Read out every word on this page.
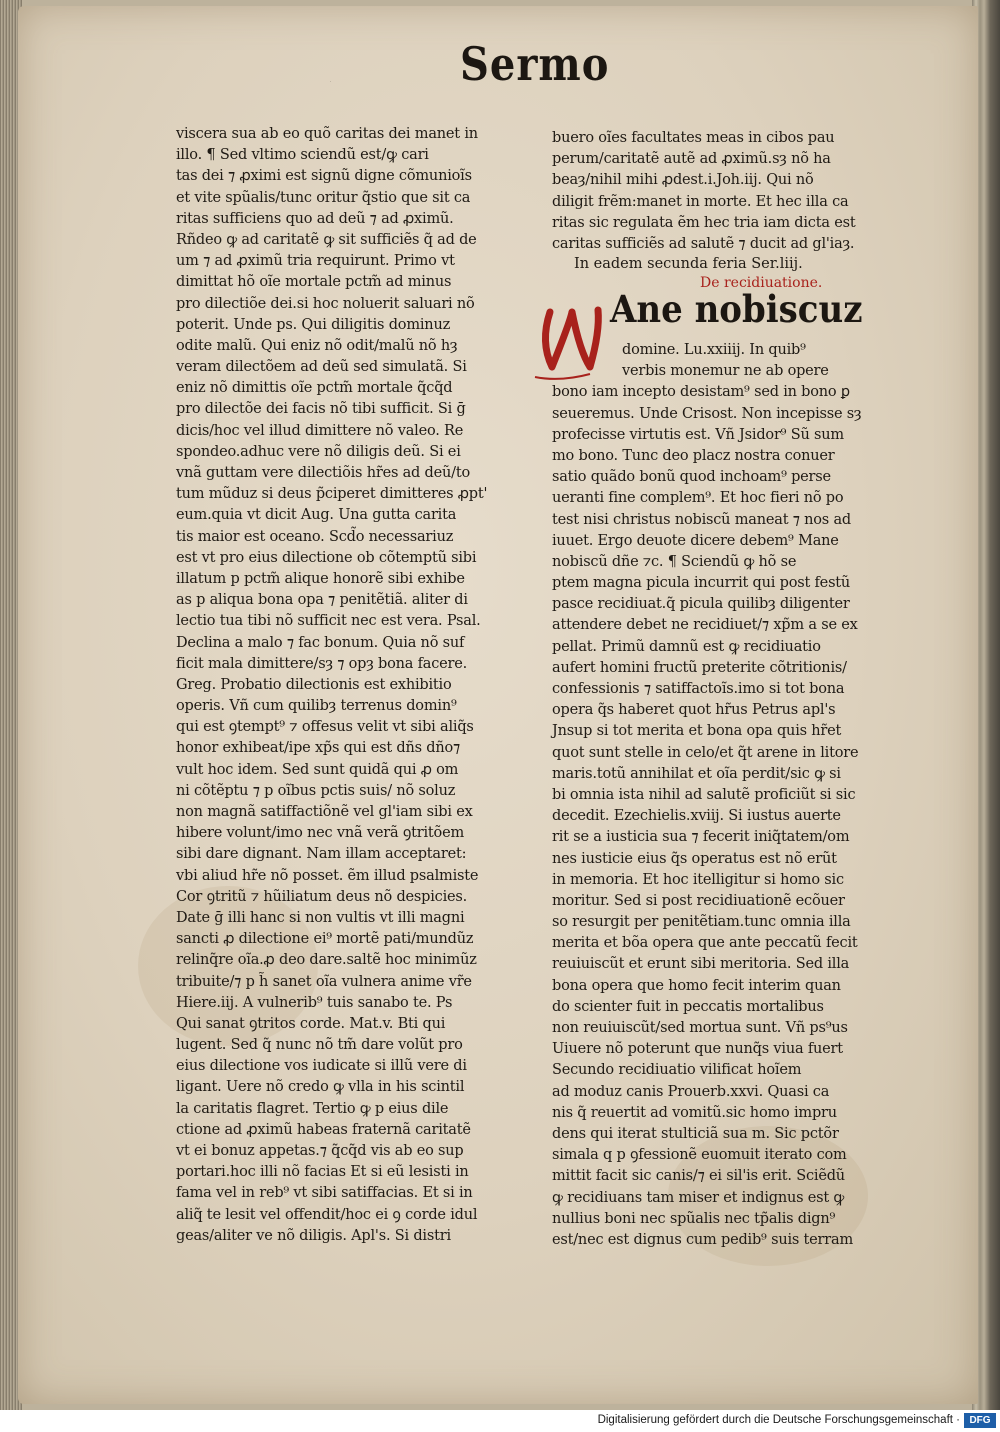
Sermo
viscera sua ab eo quõ caritas dei manet in
illo. ¶ Sed vltimo sciendũ est/ꝙ cari
tas dei ⁊ ꝓximi est signũ digne cõmunioĩs
et vite spũalis/tunc oritur q̃stio que sit ca
ritas sufficiens quo ad deũ ⁊ ad ꝓximũ.
Rñdeo ꝙ ad caritatẽ ꝙ sit sufficiẽs q̃ ad de
um ⁊ ad ꝓximũ tria requirunt. Primo vt
dimittat hõ oĩe mortale pctm̃ ad minus
pro dilectiõe dei.si hoc noluerit saluari nõ
poterit. Unde ps. Qui diligitis dominuz
odite malũ. Qui eniz nõ odit/malũ nõ hȝ
veram dilectõem ad deũ sed simulatã. Si
eniz nõ dimittis oĩe pctm̃ mortale q̃cq̃d
pro dilectõe dei facis nõ tibi sufficit. Si ḡ
dicis/hoc vel illud dimittere nõ valeo. Re
spondeo.adhuc vere nõ diligis deũ. Si ei
vnã guttam vere dilectiõis hr̃es ad deũ/to
tum mũduz si deus p̃ciperet dimitteres ꝓpt'
eum.quia vt dicit Aug. Una gutta carita
tis maior est oceano. Scd̃o necessariuz
est vt pro eius dilectione ob cõtemptũ sibi
illatum p pctm̃ alique honorẽ sibi exhibe
as p aliqua bona opa ⁊ penitẽtiã. aliter di
lectio tua tibi nõ sufficit nec est vera. Psal.
Declina a malo ⁊ fac bonum. Quia nõ suf
ficit mala dimittere/sȝ ⁊ opȝ bona facere.
Greg. Probatio dilectionis est exhibitio
operis. Vñ cum quilibȝ terrenus domin⁹
qui est ꝯtempt⁹ ⁊ offesus velit vt sibi aliq̃s
honor exhibeat/ipe xp̃s qui est dñs dño⁊
vult hoc idem. Sed sunt quidã qui ꝓ om
ni cõtẽptu ⁊ p oĩbus pctis suis/ nõ soluz
non magnã satiffactiõnẽ vel gl'iam sibi ex
hibere volunt/imo nec vnã verã ꝯtritõem
sibi dare dignant. Nam illam acceptaret:
vbi aliud hr̃e nõ posset. ẽm illud psalmiste
Cor ꝯtritũ ⁊ hũiliatum deus nõ despicies.
Date ḡ illi hanc si non vultis vt illi magni
sancti ꝓ dilectione ei⁹ mortẽ pati/mundũz
relinq̃re oĩa.ꝓ deo dare.saltẽ hoc minimũz
tribuite/⁊ p h̃ sanet oĩa vulnera anime vr̃e
Hiere.iij. A vulnerib⁹ tuis sanabo te. Ps
Qui sanat ꝯtritos corde. Mat.v. Bti qui
lugent. Sed q̃ nunc nõ tm̃ dare volũt pro
eius dilectione vos iudicate si illũ vere di
ligant. Uere nõ credo ꝙ vlla in his scintil
la caritatis flagret. Tertio ꝙ p eius dile
ctione ad ꝓximũ habeas fraternã caritatẽ
vt ei bonuz appetas.⁊ q̃cq̃d vis ab eo sup
portari.hoc illi nõ facias Et si eũ lesisti in
fama vel in reb⁹ vt sibi satiffacias. Et si in
aliq̃ te lesit vel offendit/hoc ei ꝯ corde idul
geas/aliter ve nõ diligis. Apl's. Si distri
buero oĩes facultates meas in cibos pau
perum/caritatẽ autẽ ad ꝓximũ.sȝ nõ ha
beaȝ/nihil mihi ꝓdest.i.Joh.iij. Qui nõ
diligit frẽm:manet in morte. Et hec illa ca
ritas sic regulata ẽm hec tria iam dicta est
caritas sufficiẽs ad salutẽ ⁊ ducit ad gl'iaȝ.
In eadem secunda feria Ser.liij.
De recidiuatione.
M
Ane nobiscuz
domine. Lu.xxiiij. In quib⁹
verbis monemur ne ab opere
bono iam incepto desistam⁹ sed in bono ꝑ
seueremus. Unde Crisost. Non incepisse sȝ
profecisse virtutis est. Vñ Jsidor⁹ Sũ sum
mo bono. Tunc deo placz nostra conuer
satio quãdo bonũ quod inchoam⁹ perse
ueranti fine complem⁹. Et hoc fieri nõ po
test nisi christus nobiscũ maneat ⁊ nos ad
iuuet. Ergo deuote dicere debem⁹ Mane
nobiscũ dñe ⁊c. ¶ Sciendũ ꝙ hõ se
ptem magna picula incurrit qui post festũ
pasce recidiuat.q̃ picula quilibȝ diligenter
attendere debet ne recidiuet/⁊ xp̃m a se ex
pellat. Primũ damnũ est ꝙ recidiuatio
aufert homini fructũ preterite cõtritionis/
confessionis ⁊ satiffactoĩs.imo si tot bona
opera q̃s haberet quot hr̃us Petrus apl's
Jnsup si tot merita et bona opa quis hr̃et
quot sunt stelle in celo/et q̃t arene in litore
maris.totũ annihilat et oĩa perdit/sic ꝙ si
bi omnia ista nihil ad salutẽ proficiũt si sic
decedit. Ezechielis.xviij. Si iustus auerte
rit se a iusticia sua ⁊ fecerit iniq̃tatem/om
nes iusticie eius q̃s operatus est nõ erũt
in memoria. Et hoc itelligitur si homo sic
moritur. Sed si post recidiuationẽ ecõuer
so resurgit per penitẽtiam.tunc omnia illa
merita et bõa opera que ante peccatũ fecit
reuiuiscũt et erunt sibi meritoria. Sed illa
bona opera que homo fecit interim quan
do scienter fuit in peccatis mortalibus
non reuiuiscũt/sed mortua sunt. Vñ ps⁹us
Uiuere nõ poterunt que nunq̃s viua fuert
Secundo recidiuatio vilificat hoĩem
ad moduz canis Prouerb.xxvi. Quasi ca
nis q̃ reuertit ad vomitũ.sic homo impru
dens qui iterat stulticiã sua m. Sic pctõr
simala q p ꝯfessionẽ euomuit iterato com
mittit facit sic canis/⁊ ei sil'is erit. Sciẽdũ
ꝙ recidiuans tam miser et indignus est ꝙ
nullius boni nec spũalis nec tp̃alis dign⁹
est/nec est dignus cum pedib⁹ suis terram
Digitalisierung gefördert durch die Deutsche Forschungsgemeinschaft · DFG
